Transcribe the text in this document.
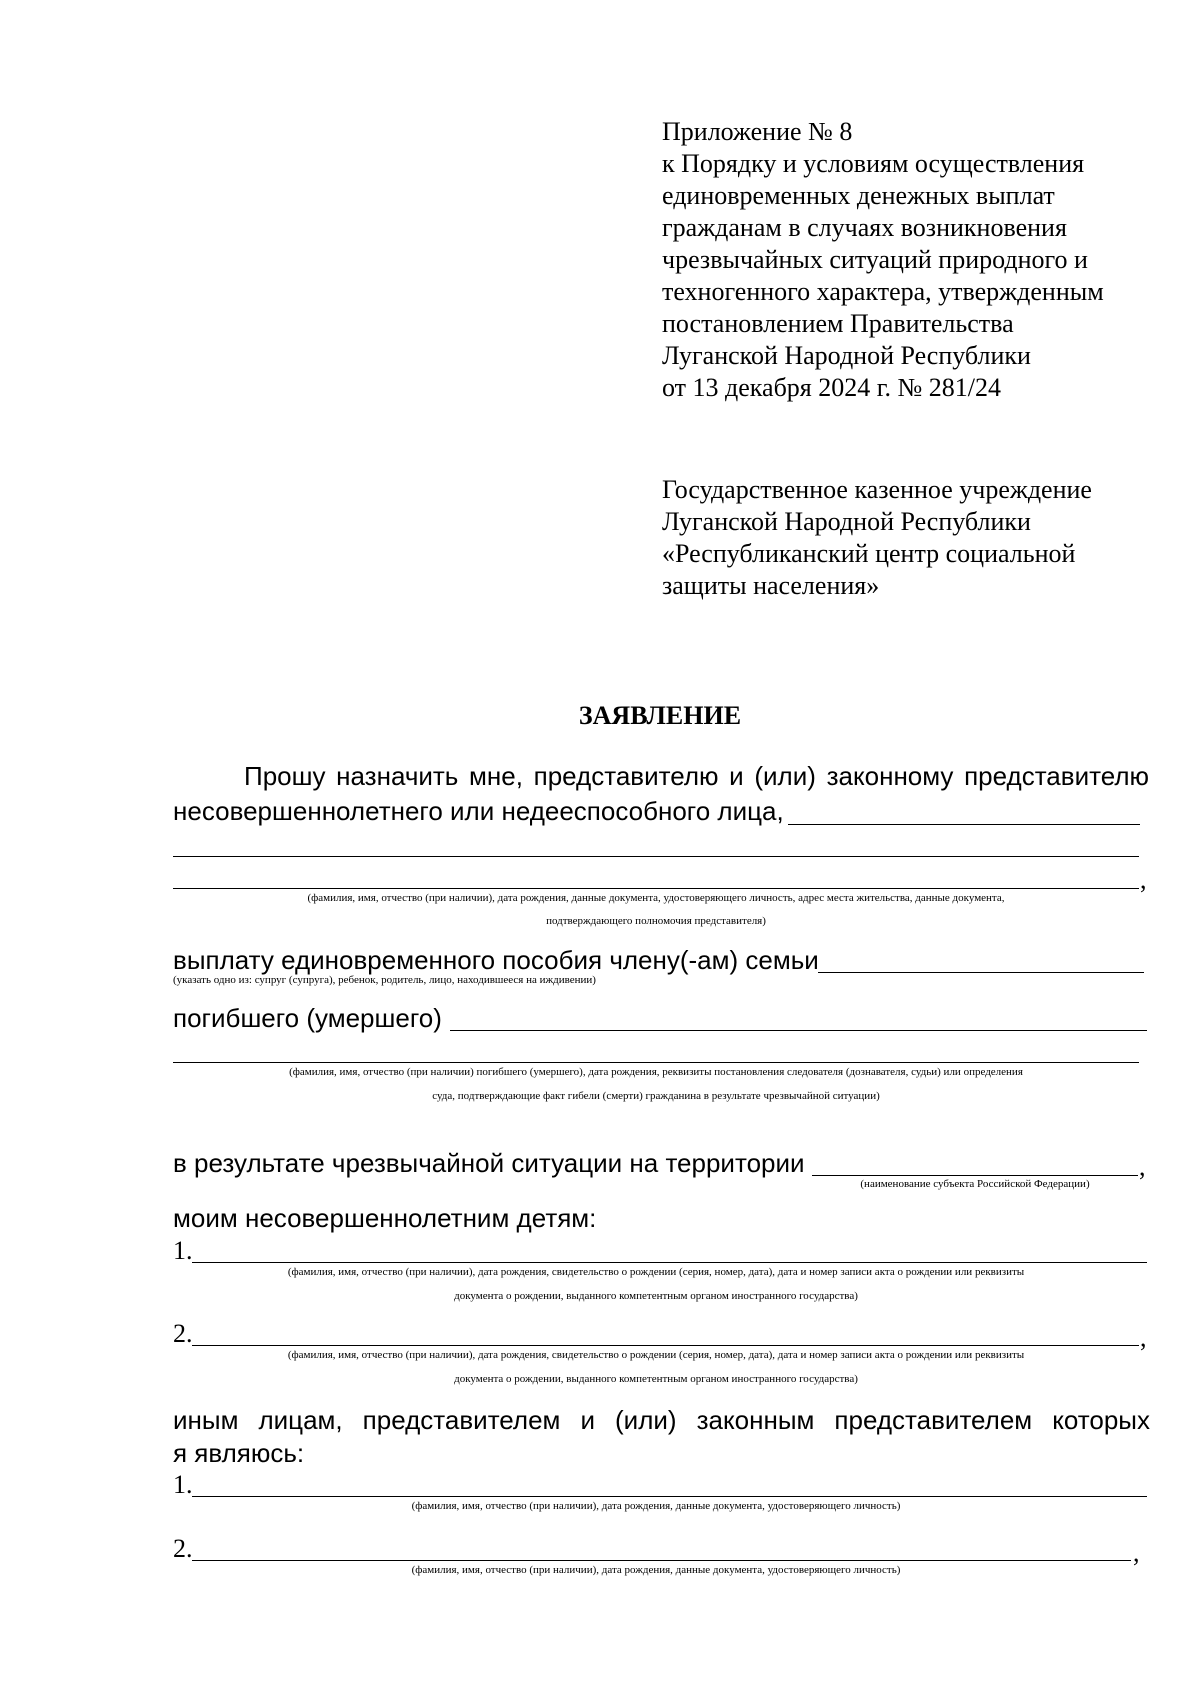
Приложение № 8
к Порядку и условиям осуществления
единовременных денежных выплат
гражданам в случаях возникновения
чрезвычайных ситуаций природного и
техногенного характера, утвержденным
постановлением Правительства
Луганской Народной Республики
от 13 декабря 2024 г. № 281/24
Государственное казенное учреждение
Луганской Народной Республики
«Республиканский центр социальной
защиты населения»
ЗАЯВЛЕНИЕ
Прошу назначить мне, представителю и (или) законному представителю
несовершеннолетнего или недееспособного лица,
,
(фамилия, имя, отчество (при наличии), дата рождения, данные документа, удостоверяющего личность, адрес места жительства, данные документа,
подтверждающего полномочия представителя)
выплату единовременного пособия члену(-ам) семьи
(указать одно из: супруг (супруга), ребенок, родитель, лицо, находившееся на иждивении)
погибшего (умершего)
(фамилия, имя, отчество (при наличии) погибшего (умершего), дата рождения, реквизиты постановления следователя (дознавателя, судьи) или определения
суда, подтверждающие факт гибели (смерти) гражданина в результате чрезвычайной ситуации)
в результате чрезвычайной ситуации на территории	,
(наименование субъекта Российской Федерации)
моим несовершеннолетним детям:
1.
(фамилия, имя, отчество (при наличии), дата рождения, свидетельство о рождении (серия, номер, дата), дата и номер записи акта о рождении или реквизиты
документа о рождении, выданного компетентным органом иностранного государства)
2.	,
(фамилия, имя, отчество (при наличии), дата рождения, свидетельство о рождении (серия, номер, дата), дата и номер записи акта о рождении или реквизиты
документа о рождении, выданного компетентным органом иностранного государства)
иным лицам, представителем и (или) законным представителем которых
я являюсь:
1.
(фамилия, имя, отчество (при наличии), дата рождения, данные документа, удостоверяющего личность)
2.	,
(фамилия, имя, отчество (при наличии), дата рождения, данные документа, удостоверяющего личность)
